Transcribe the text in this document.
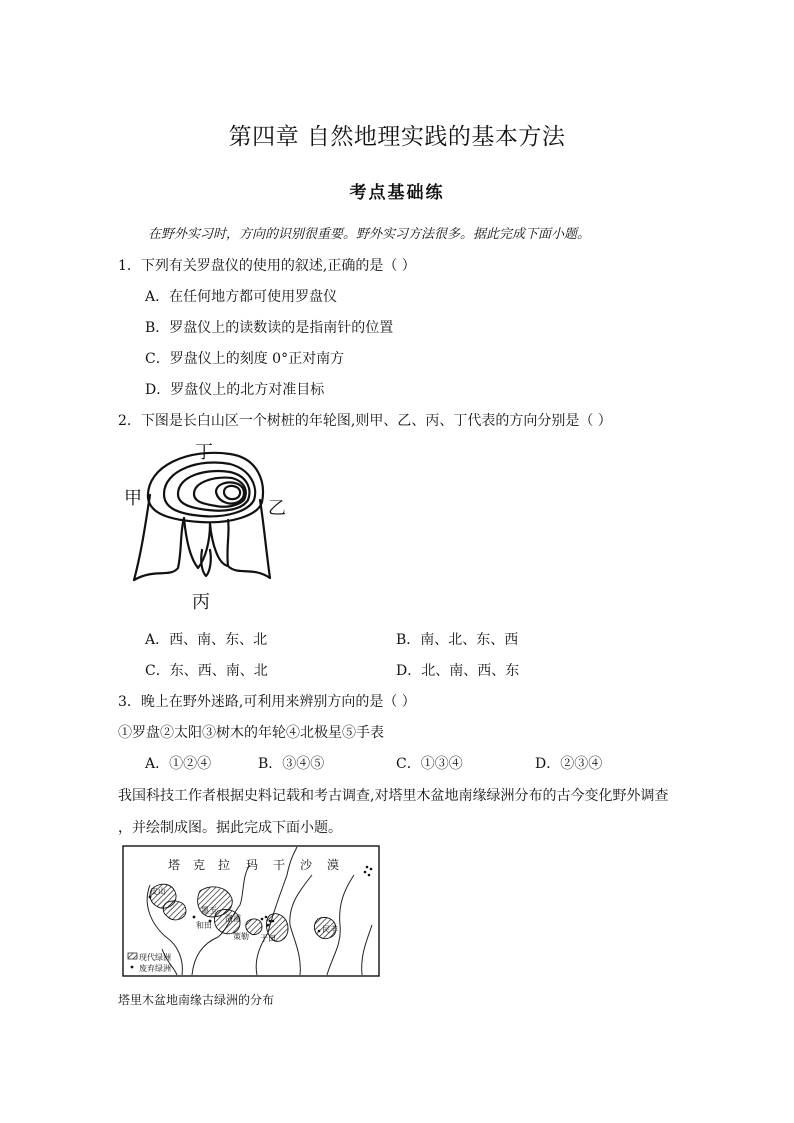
第四章 自然地理实践的基本方法
考点基础练
在野外实习时，方向的识别很重要。野外实习方法很多。据此完成下面小题。
1．下列有关罗盘仪的使用的叙述,正确的是（ ）
A．在任何地方都可使用罗盘仪
B．罗盘仪上的读数读的是指南针的位置
C．罗盘仪上的刻度 0°正对南方
D．罗盘仪上的北方对准目标
2．下图是长白山区一个树桩的年轮图,则甲、乙、丙、丁代表的方向分别是（ ）
丁
甲	乙
丙
A．西、南、东、北	B．南、北、东、西
C．东、西、南、北	D．北、南、西、东
3．晚上在野外迷路,可利用来辨别方向的是（ ）
①罗盘②太阳③树木的年轮④北极星⑤手表
A．①②④	B．③④⑤	C．①③④	D．②③④
我国科技工作者根据史料记载和考古调查,对塔里木盆地南缘绿洲分布的古今变化野外调查
，并绘制成图。据此完成下面小题。
塔 克 拉 玛 干 沙 漠
皮山
墨玉
和田
洛浦
策勒 于田
民丰
现代绿洲
废弃绿洲
塔里木盆地南缘古绿洲的分布
